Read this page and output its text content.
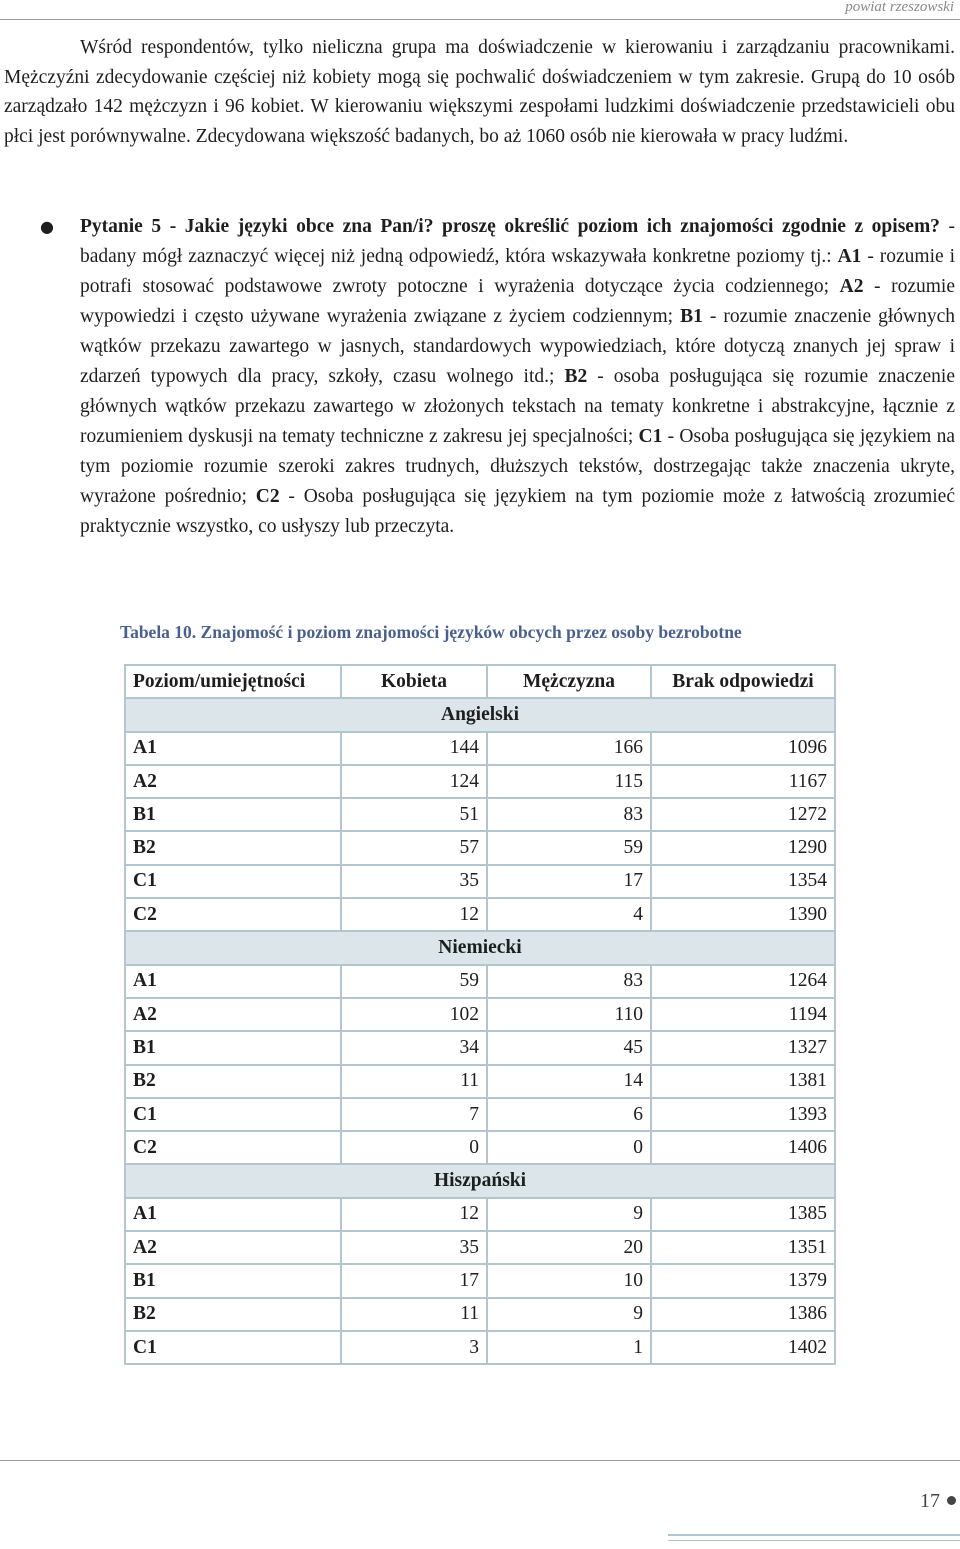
powiat rzeszowski

Wśród respondentów, tylko nieliczna grupa ma doświadczenie w kierowaniu i zarządzaniu pracownikami. Mężczyźni zdecydowanie częściej niż kobiety mogą się pochwalić doświadczeniem w tym zakresie. Grupą do 10 osób zarządzało 142 mężczyzn i 96 kobiet. W kierowaniu większymi zespołami ludzkimi doświadczenie przedstawicieli obu płci jest porównywalne. Zdecydowana większość badanych, bo aż 1060 osób nie kierowała w pracy ludźmi.

● Pytanie 5 - Jakie języki obce zna Pan/i? proszę określić poziom ich znajomości zgodnie z opisem? - badany mógł zaznaczyć więcej niż jedną odpowiedź, która wskazywała konkretne poziomy tj.: A1 - rozumie i potrafi stosować podstawowe zwroty potoczne i wyrażenia dotyczące życia codziennego; A2 - rozumie wypowiedzi i często używane wyrażenia związane z życiem codziennym; B1 - rozumie znaczenie głównych wątków przekazu zawartego w jasnych, standardowych wypowiedziach, które dotyczą znanych jej spraw i zdarzeń typowych dla pracy, szkoły, czasu wolnego itd.; B2 - osoba posługująca się rozumie znaczenie głównych wątków przekazu zawartego w złożonych tekstach na tematy konkretne i abstrakcyjne, łącznie z rozumieniem dyskusji na tematy techniczne z zakresu jej specjalności; C1 - Osoba posługująca się językiem na tym poziomie rozumie szeroki zakres trudnych, dłuższych tekstów, dostrzegając także znaczenia ukryte, wyrażone pośrednio; C2 - Osoba posługująca się językiem na tym poziomie może z łatwością zrozumieć praktycznie wszystko, co usłyszy lub przeczyta.

Tabela 10. Znajomość i poziom znajomości języków obcych przez osoby bezrobotne
Poziom/umiejętności	Kobieta	Mężczyzna	Brak odpowiedzi
Angielski			
A1	144	166	1096
A2	124	115	1167
B1	51	83	1272
B2	57	59	1290
C1	35	17	1354
C2	12	4	1390
Niemiecki			
A1	59	83	1264
A2	102	110	1194
B1	34	45	1327
B2	11	14	1381
C1	7	6	1393
C2	0	0	1406
Hiszpański			
A1	12	9	1385
A2	35	20	1351
B1	17	10	1379
B2	11	9	1386
C1	3	1	1402
17
